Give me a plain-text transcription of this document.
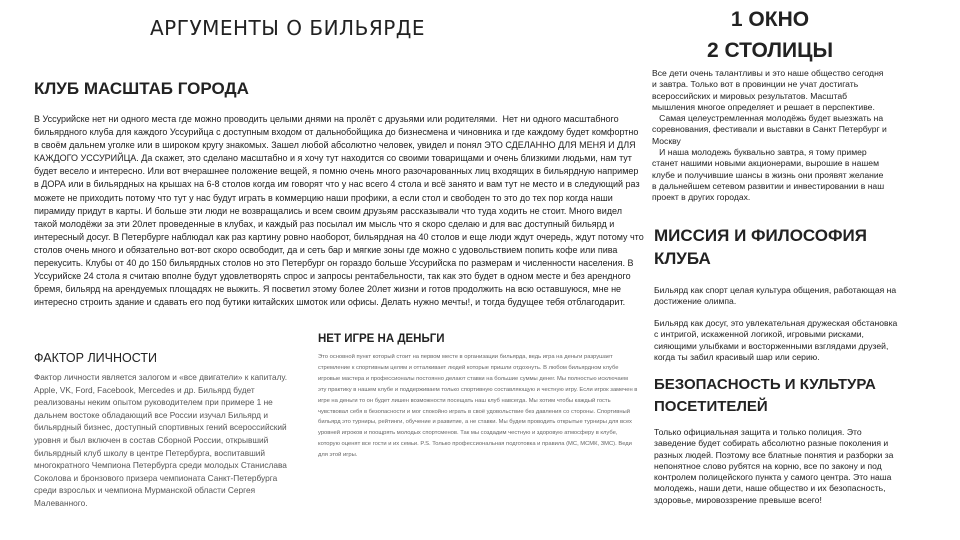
АРГУМЕНТЫ О БИЛЬЯРДЕ
КЛУБ МАСШТАБ ГОРОДА

В Уссурийске нет ни одного места где можно проводить целыми днями на пролёт с друзьями или родителями.  Нет ни одного масштабного бильярдного клуба для каждого Уссурийца с доступным входом от дальнобойщика до бизнесмена и чиновника и где каждому будет комфортно в своём дальнем уголке или в широком кругу знакомых. Зашел любой абсолютно человек, увидел и понял ЭТО СДЕЛАННО ДЛЯ МЕНЯ И ДЛЯ КАЖДОГО УССУРИЙЦА. Да скажет, это сделано масштабно и я хочу тут находится со своими товарищами и очень близкими людьми, нам тут будет весело и интересно. Или вот вчерашнее положение вещей, я помню очень много разочарованных лиц входящих в бильярдную например в ДОРА или в бильярдных на крышах на 6-8 столов когда им говорят что у нас всего 4 стола и всё занято и вам тут не место и в следующий раз можете не приходить потому что тут у нас будут играть в коммерцию наши профики, а если стол и свободен то это до тех пор когда наши пирамиду придут в карты. И больше эти люди не возвращались и всем своим друзьям рассказывали что туда ходить не стоит. Много видел такой молодёжи за эти 20лет проведенные в клубах, и каждый раз посылал им мысль что я скоро сделаю и для вас доступный бильярд и интересный досуг. В Петербурге наблюдал как раз картину ровно наоборот, бильярдная на 40 столов и еще люди ждут очередь, ждут потому что столов очень много и обязательно вот-вот скоро освободит, да и сеть бар и мягкие зоны где можно с удовольствием попить кофе или пива перекусить. Клубы от 40 до 150 бильярдных столов но это Петербург он гораздо больше Уссурийска по размерам и численности населения. В Уссурийске 24 стола я считаю вполне будут удовлетворять спрос и запросы рентабельности, так как это будет в одном месте и без арендного бремя, бильярд на арендуемых площадях не выжить. Я посветил этому более 20лет жизни и готов продолжить на всю оставшуюся, мне не интересно строить здание и сдавать его под бутики китайских шмоток или офисы. Делать нужно мечты!, и тогда будущее тебя отблагодарит.

ФАКТОР ЛИЧНОСТИ

Фактор личности является залогом и «все двигатели» к капиталу. Apple, VK, Ford, Facebook, Mercedes и др. Бильярд будет реализованы неким опытом руководителем при примере 1 не дальнем востоке обладающий все России изучал Бильярд и бильярдный бизнес, доступный спортивных гений всероссийский уровня и был включен в состав Сборной России, открывший бильярдный клуб школу в центре Петербурга, воспитавший многократного Чемпиона Петербурга среди молодых Станислава Соколова и бронзового призера чемпионата Санкт-Петербурга среди взрослых и чемпиона Мурманской области Сергея Малеванного.

НЕТ ИГРЕ НА ДЕНЬГИ

Это основной пункт который стоит на первом месте в организации бильярда, ведь игра на деньги разрушает стремление к спортивным целям и отталкивает людей которые пришли отдохнуть. В любом бильярдном клубе игровые мастера и профессионалы постоянно делают ставки на большие суммы денег. Мы полностью исключаем эту практику в нашем клубе и поддерживаем только спортивную составляющую и честную игру. Если игрок замечен в игре на деньги то он будет лишен возможности посещать наш клуб навсегда. Мы хотим чтобы каждый гость чувствовал себя в безопасности и мог спокойно играть в своё удовольствие без давления со стороны. Спортивный бильярд это турниры, рейтинги, обучение и развитие, а не ставки. Мы будем проводить открытые турниры для всех уровней игроков и поощрять молодых спортсменов. Так мы создадим честную и здоровую атмосферу в клубе, которую оценят все гости и их семьи. P.S. Только профессиональная подготовка и правила (МС, МСМК, ЗМС). Веди для этой игры.

1 ОКНО
2 СТОЛИЦЫ
Все дети очень талантливы и это наше общество сегодня
и завтра. Только вот в провинции не учат достигать
всероссийских и мировых результатов. Масштаб
мышления многое определяет и решает в перспективе.
Самая целеустремленная молодёжь будет выезжать на
соревнования, фестивали и выставки в Санкт Петербург и
Москву
И наша молодежь буквально завтра, я тому пример
станет нашими новыми акционерами, вырошие в нашем
клубе и получившие шансы в жизнь они проявят желание
в дальнейшем сетевом развитии и инвестировании в наш
проект в других городах.
МИССИЯ И ФИЛОСОФИЯ
КЛУБА
Бильярд как спорт целая культура общения, работающая на
достижение олимпа.
Бильярд как досуг, это увлекательная дружеская обстановка
с интригой, искаженной логикой, игровыми рисками,
сияющими улыбками и восторженными взглядами друзей,
когда ты забил красивый шар или серию.
БЕЗОПАСНОСТЬ И КУЛЬТУРА
ПОСЕТИТЕЛЕЙ
Только официальная защита и только полиция. Это
заведение будет собирать абсолютно разные поколения и
разных людей. Поэтому все блатные понятия и разборки за
непонятное слово рубятся на корню, все по закону и под
контролем полицейского пункта у самого центра. Это наша
молодежь, наши дети, наше общество и их безопасность,
здоровье, мировоззрение превыше всего!
